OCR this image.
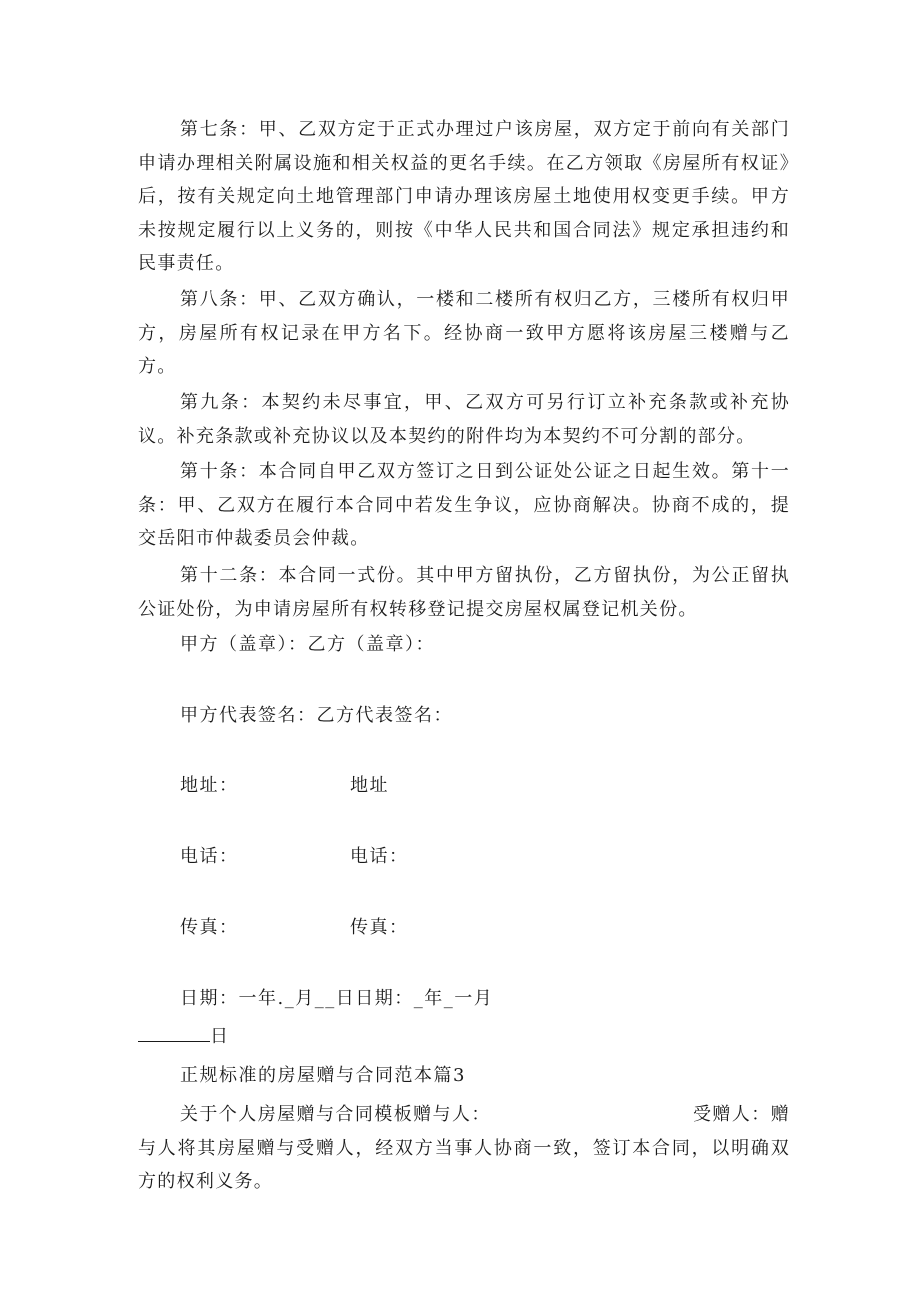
第七条：甲、乙双方定于正式办理过户该房屋，双方定于前向有关部门申请办理相关附属设施和相关权益的更名手续。在乙方领取《房屋所有权证》后，按有关规定向土地管理部门申请办理该房屋土地使用权变更手续。甲方未按规定履行以上义务的，则按《中华人民共和国合同法》规定承担违约和民事责任。

第八条：甲、乙双方确认，一楼和二楼所有权归乙方，三楼所有权归甲方，房屋所有权记录在甲方名下。经协商一致甲方愿将该房屋三楼赠与乙方。

第九条：本契约未尽事宜，甲、乙双方可另行订立补充条款或补充协议。补充条款或补充协议以及本契约的附件均为本契约不可分割的部分。

第十条：本合同自甲乙双方签订之日到公证处公证之日起生效。第十一条：甲、乙双方在履行本合同中若发生争议，应协商解决。协商不成的，提交岳阳市仲裁委员会仲裁。

第十二条：本合同一式份。其中甲方留执份，乙方留执份，为公正留执公证处份，为申请房屋所有权转移登记提交房屋权属登记机关份。

甲方（盖章）：乙方（盖章）：

甲方代表签名：乙方代表签名：

地址：	地址
电话：	电话：
传真：	传真：

日期：一年._月__日日期：_年_一月

日

正规标准的房屋赠与合同范本篇3

关于个人房屋赠与合同模板赠与人：	受赠人：赠与人将其房屋赠与受赠人，经双方当事人协商一致，签订本合同，以明确双方的权利义务。
